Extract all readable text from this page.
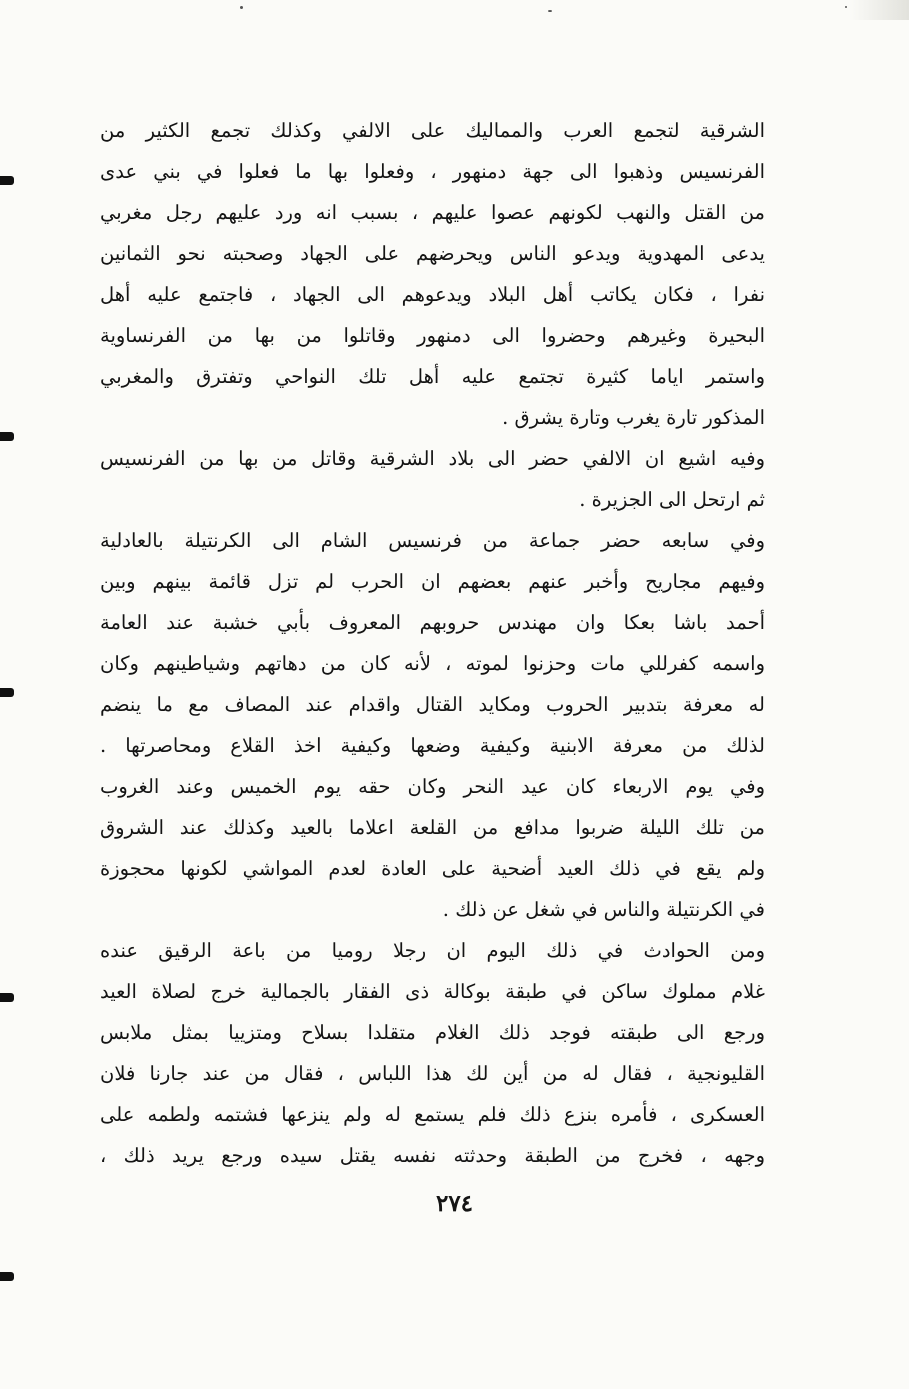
الشرقية لتجمع العرب والمماليك على الالفي وكذلك تجمع الكثير من
الفرنسيس وذهبوا الى جهة دمنهور ، وفعلوا بها ما فعلوا في بني عدى
من القتل والنهب لكونهم عصوا عليهم ، بسبب انه ورد عليهم رجل مغربي
يدعى المهدوية ويدعو الناس ويحرضهم على الجهاد وصحبته نحو الثمانين
نفرا ، فكان يكاتب أهل البلاد ويدعوهم الى الجهاد ، فاجتمع عليه أهل
البحيرة وغيرهم وحضروا الى دمنهور وقاتلوا من بها من الفرنساوية
واستمر اياما كثيرة تجتمع عليه أهل تلك النواحي وتفترق والمغربي
المذكور تارة يغرب وتارة يشرق .
وفيه اشيع ان الالفي حضر الى بلاد الشرقية وقاتل من بها من الفرنسيس
ثم ارتحل الى الجزيرة .
وفي سابعه حضر جماعة من فرنسيس الشام الى الكرنتيلة بالعادلية
وفيهم مجاريح وأخبر عنهم بعضهم ان الحرب لم تزل قائمة بينهم وبين
أحمد باشا بعكا وان مهندس حروبهم المعروف بأبي خشبة عند العامة
واسمه كفرللي مات وحزنوا لموته ، لأنه كان من دهاتهم وشياطينهم وكان
له معرفة بتدبير الحروب ومكايد القتال واقدام عند المصاف مع ما ينضم
لذلك من معرفة الابنية وكيفية وضعها وكيفية اخذ القلاع ومحاصرتها .
وفي يوم الاربعاء كان عيد النحر وكان حقه يوم الخميس وعند الغروب
من تلك الليلة ضربوا مدافع من القلعة اعلاما بالعيد وكذلك عند الشروق
ولم يقع في ذلك العيد أضحية على العادة لعدم المواشي لكونها محجوزة
في الكرنتيلة والناس في شغل عن ذلك .
ومن الحوادث في ذلك اليوم ان رجلا روميا من باعة الرقيق عنده
غلام مملوك ساكن في طبقة بوكالة ذى الفقار بالجمالية خرج لصلاة العيد
ورجع الى طبقته فوجد ذلك الغلام متقلدا بسلاح ومتزييا بمثل ملابس
القليونجية ، فقال له من أين لك هذا اللباس ، فقال من عند جارنا فلان
العسكرى ، فأمره بنزع ذلك فلم يستمع له ولم ينزعها فشتمه ولطمه على
وجهه ، فخرج من الطبقة وحدثته نفسه يقتل سيده ورجع يريد ذلك ،
٢٧٤
